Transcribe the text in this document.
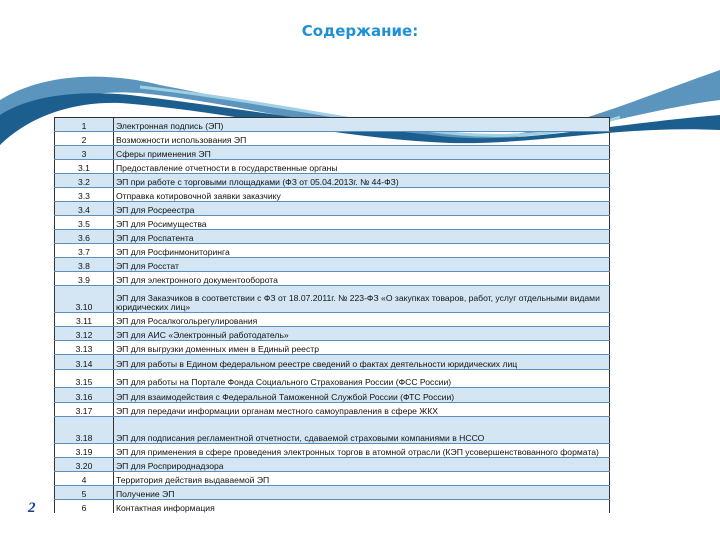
Содержание:
1	Электронная подпись (ЭП)
2	Возможности использования ЭП
3	Сферы применения ЭП
3.1	Предоставление отчетности в государственные органы
3.2	ЭП при работе с торговыми площадками (ФЗ от 05.04.2013г. № 44-ФЗ)
3.3	Отправка котировочной заявки заказчику
3.4	ЭП для Росреестра
3.5	ЭП для Росимущества
3.6	ЭП для Роспатента
3.7	ЭП для Росфинмониторинга
3.8	ЭП для Росстат
3.9	ЭП для электронного документооборота
3.10	ЭП для Заказчиков в соответствии с ФЗ от 18.07.2011г. № 223-ФЗ «О закупках товаров, работ, услуг отдельными видами юридических лиц»
3.11	ЭП для Росалкогольрегулирования
3.12	ЭП для АИС «Электронный работодатель»
3.13	ЭП для выгрузки доменных имен в Единый реестр
3.14	ЭП для работы в Едином федеральном реестре сведений о фактах деятельности юридических лиц
3.15	ЭП для работы на Портале Фонда Социального Страхования России (ФСС России)
3.16	ЭП для взаимодействия с Федеральной Таможенной Службой России (ФТС России)
3.17	ЭП для передачи информации органам местного самоуправления в сфере ЖКХ
3.18	ЭП для подписания регламентной отчетности, сдаваемой страховыми компаниями в НССО
3.19	ЭП для применения в сфере проведения электронных торгов в атомной отрасли (КЭП усовершенствованного формата)
3.20	ЭП для Росприроднадзора
4	Территория действия выдаваемой ЭП
5	Получение ЭП
6	Контактная информация
2
